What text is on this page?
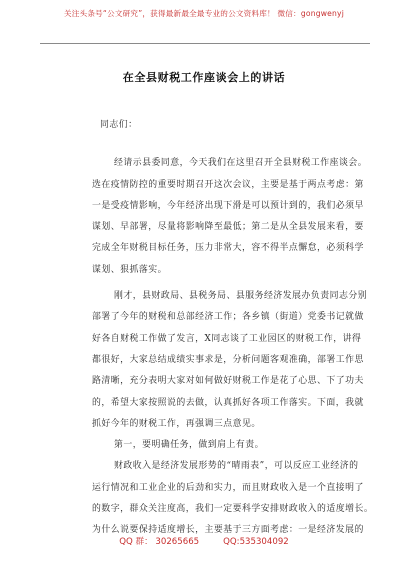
关注头条号“公文研究”，获得最新最全最专业的公文资料库！ 微信：gongwenyj
在全县财税工作座谈会上的讲话

同志们：

经请示县委同意，今天我们在这里召开全县财税工作座谈会。

选在疫情防控的重要时期召开这次会议，主要是基于两点考虑：第

一是受疫情影响，今年经济出现下滑是可以预计到的，我们必须早

谋划、早部署，尽量将影响降至最低；第二是从全县发展来看，要

完成全年财税目标任务，压力非常大，容不得半点懈怠，必须科学

谋划、狠抓落实。

刚才，县财政局、县税务局、县服务经济发展办负责同志分别

部署了今年的财税和总部经济工作；各乡镇（街道）党委书记就做

好各自财税工作做了发言，X同志谈了工业园区的财税工作，讲得

都很好，大家总结成绩实事求是，分析问题客观准确，部署工作思

路清晰，充分表明大家对如何做好财税工作是花了心思、下了功夫

的，希望大家按照说的去做，认真抓好各项工作落实。下面，我就

抓好今年的财税工作，再强调三点意见。

第一，要明确任务，做到肩上有责。

财政收入是经济发展形势的“晴雨表”，可以反应工业经济的

运行情况和工业企业的后劲和实力，而且财政收入是一个直接明了

的数字，群众关注度高，我们一定要科学安排财政收入的适度增长。

为什么说要保持适度增长，主要基于三方面考虑：一是经济发展的

QQ 群： 30265665	QQ:535304092
